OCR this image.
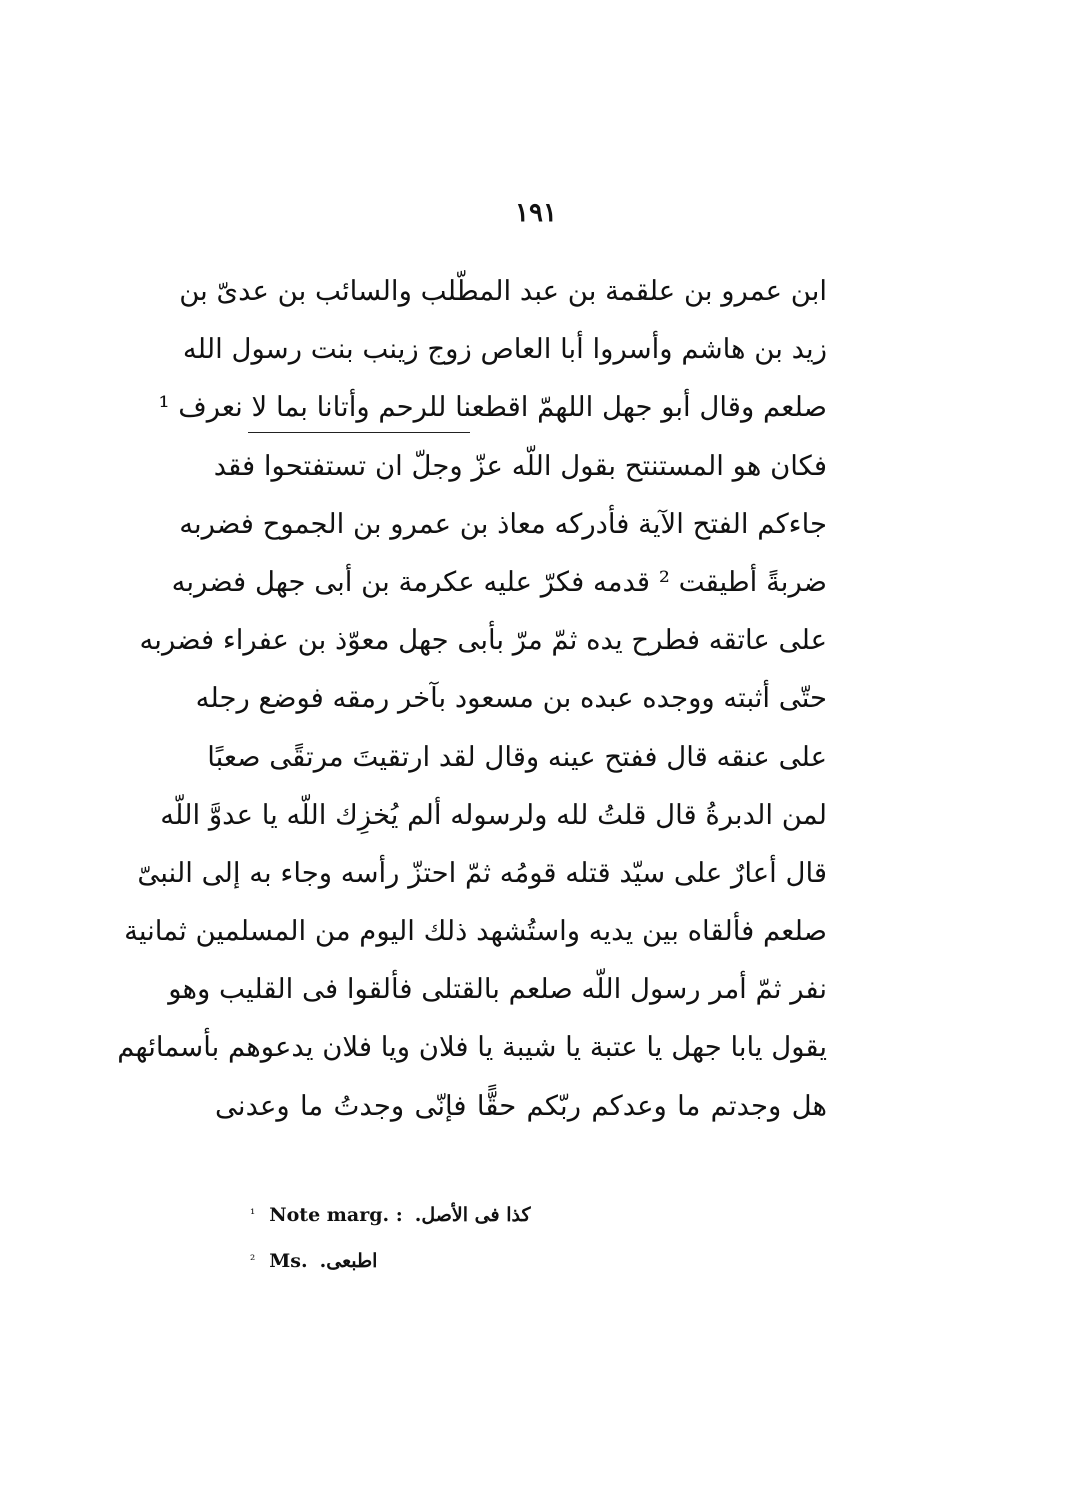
١٩١
ابن عمرو بن علقمة بن عبد المطّلب والسائب بن عدىّ بن
زيد بن هاشم وأسروا أبا العاص زوج زينب بنت رسول الله
صلعم وقال أبو جهل اللهمّ اقطعنا للرحم وأتانا بما لا نعرف ¹
فكان هو المستنتح بقول اللّه عزّ وجلّ ان تستفتحوا فقد
جاءكم الفتح الآية فأدركه معاذ بن عمرو بن الجموح فضربه
ضربةً أطيقت ² قدمه فكرّ عليه عكرمة بن أبى جهل فضربه
على عاتقه فطرح يده ثمّ مرّ بأبى جهل معوّذ بن عفراء فضربه
حتّى أثبته ووجده عبده بن مسعود بآخر رمقه فوضع رجله
على عنقه قال ففتح عينه وقال لقد ارتقيتَ مرتقًى صعبًا
لمن الدبرةُ قال قلتُ لله ولرسوله ألم يُخزِك اللّه يا عدوَّ اللّه
قال أعارٌ على سيّد قتله قومُه ثمّ احتزّ رأسه وجاء به إلى النبىّ
صلعم فألقاه بين يديه واستُشهد ذلك اليوم من المسلمين ثمانية
نفر ثمّ أمر رسول اللّه صلعم بالقتلى فألقوا فى القليب وهو
يقول يابا جهل يا عتبة يا شيبة يا فلان ويا فلان يدعوهم بأسمائهم
هل وجدتم ما وعدكم ربّكم حقًّا فإنّى وجدتُ ما وعدنى
$^{^1}$ Note marg. : كذا فى الأصل.
$^{^2}$ Ms. اطبعى.
